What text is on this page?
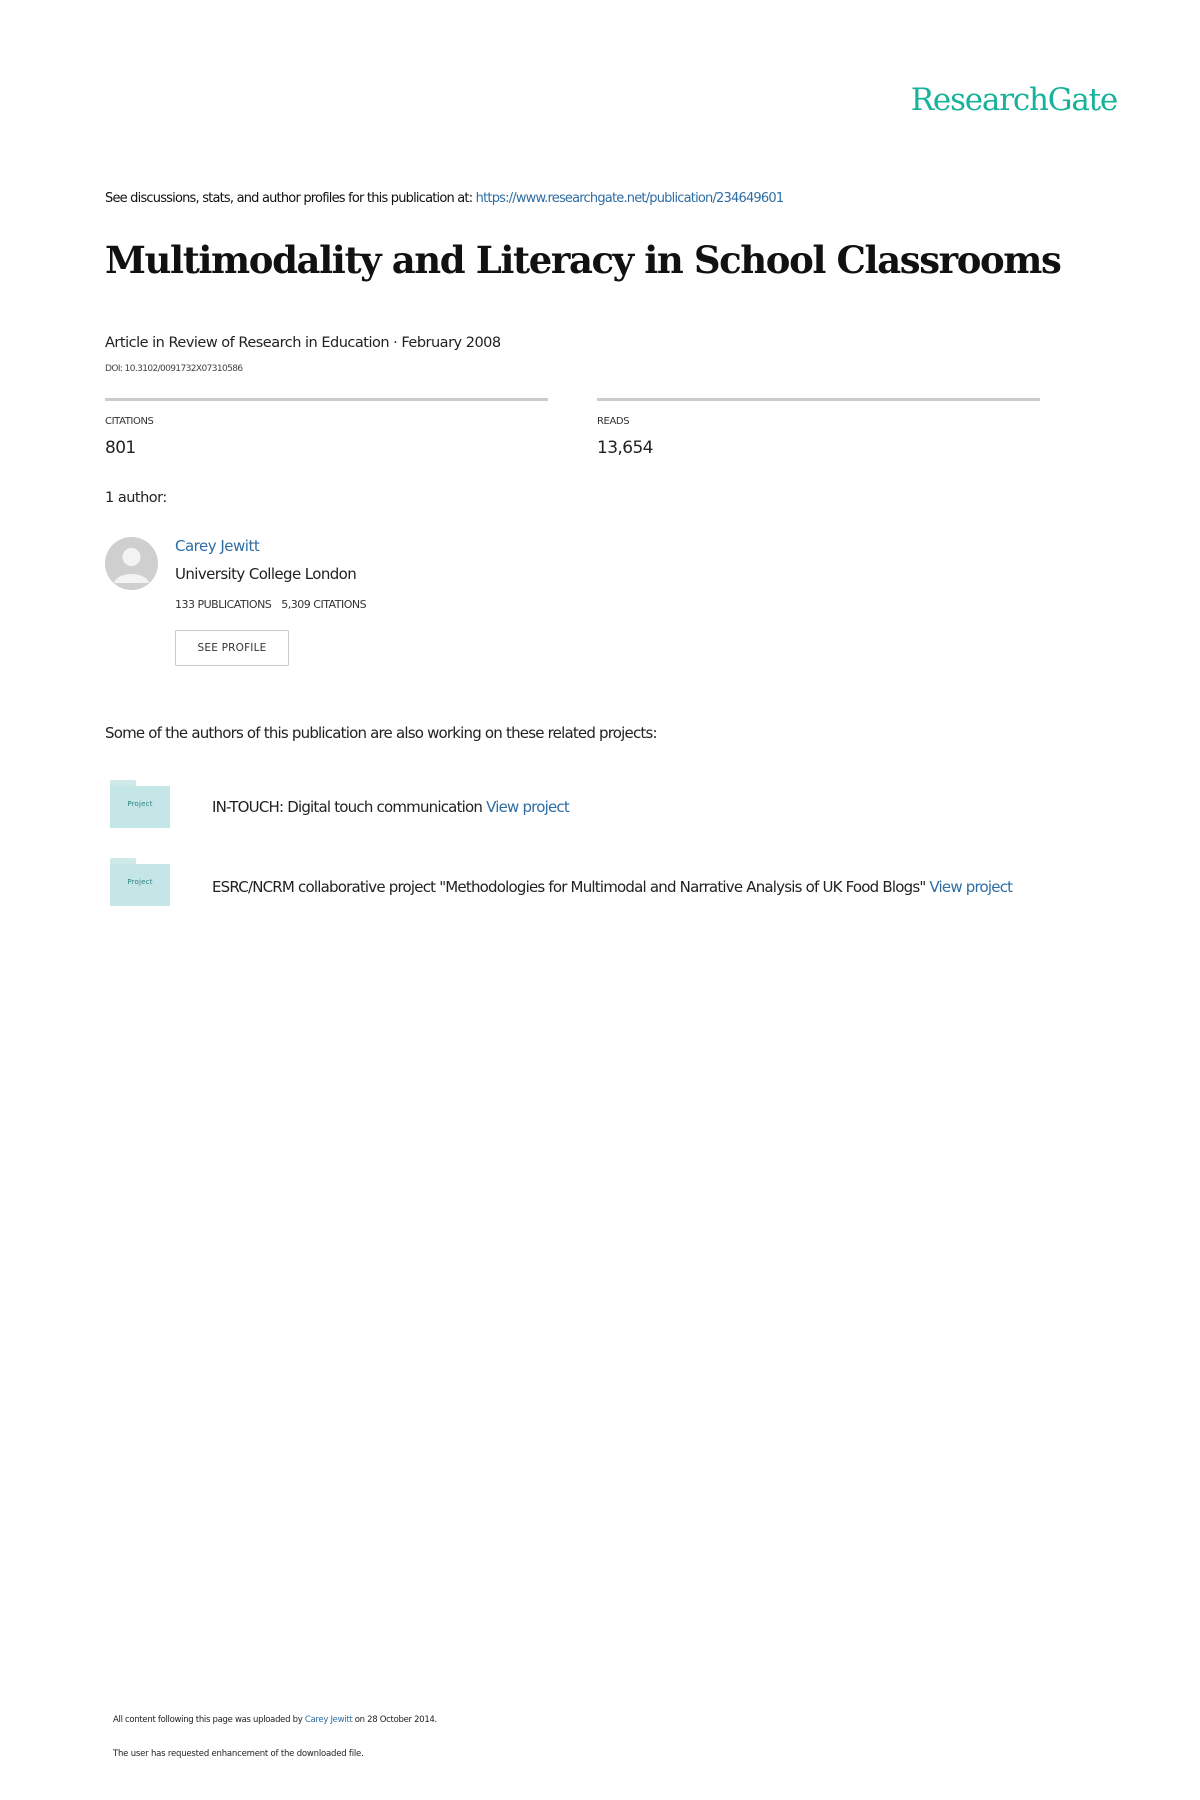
ResearchGate
See discussions, stats, and author profiles for this publication at: https://www.researchgate.net/publication/234649601
Multimodality and Literacy in School Classrooms
Article in Review of Research in Education · February 2008
DOI: 10.3102/0091732X07310586
CITATIONS
801
READS
13,654
1 author:
Carey Jewitt
University College London
133 PUBLICATIONS 5,309 CITATIONS
SEE PROFILE
Some of the authors of this publication are also working on these related projects:
Project	IN-TOUCH: Digital touch communication View project
Project	ESRC/NCRM collaborative project "Methodologies for Multimodal and Narrative Analysis of UK Food Blogs" View project
All content following this page was uploaded by Carey Jewitt on 28 October 2014.
The user has requested enhancement of the downloaded file.
